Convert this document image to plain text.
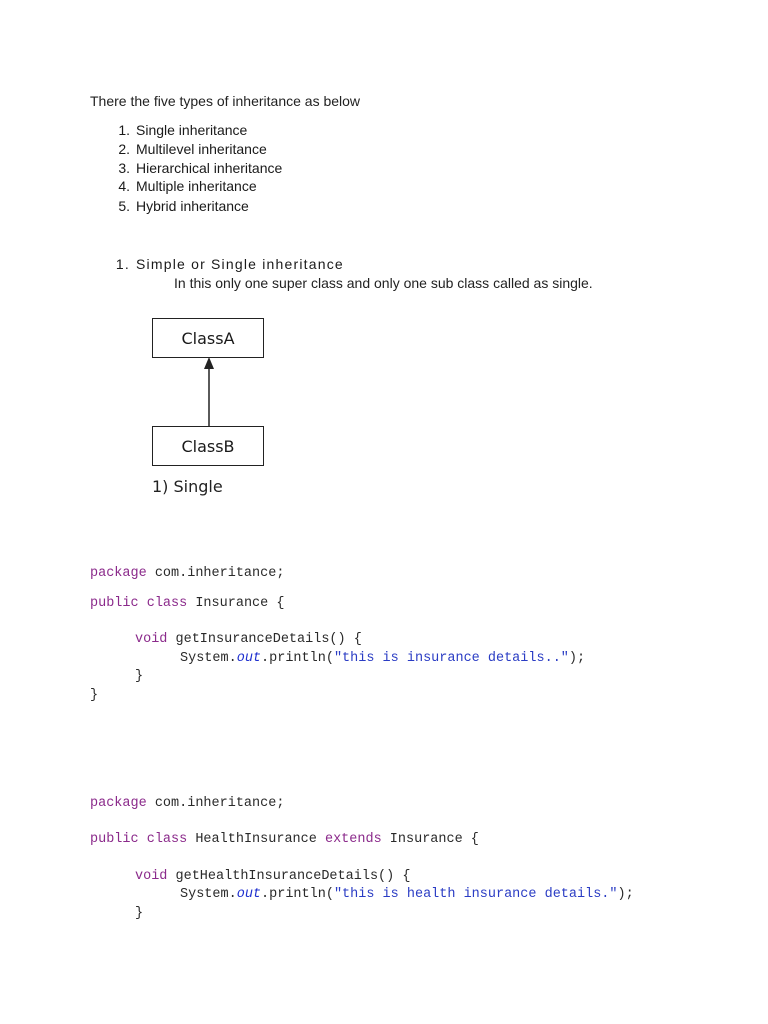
There the five types of inheritance as below
1. Single inheritance
2. Multilevel inheritance
3. Hierarchical inheritance
4. Multiple inheritance
5. Hybrid inheritance
1. Simple or Single inheritance
In this only one super class and only one sub class called as single.
ClassA
ClassB
1) Single
package com.inheritance;
public class Insurance {
void getInsuranceDetails() {
System.out.println("this is insurance details..");
}
}
package com.inheritance;
public class HealthInsurance extends Insurance {
void getHealthInsuranceDetails() {
System.out.println("this is health insurance details.");
}
